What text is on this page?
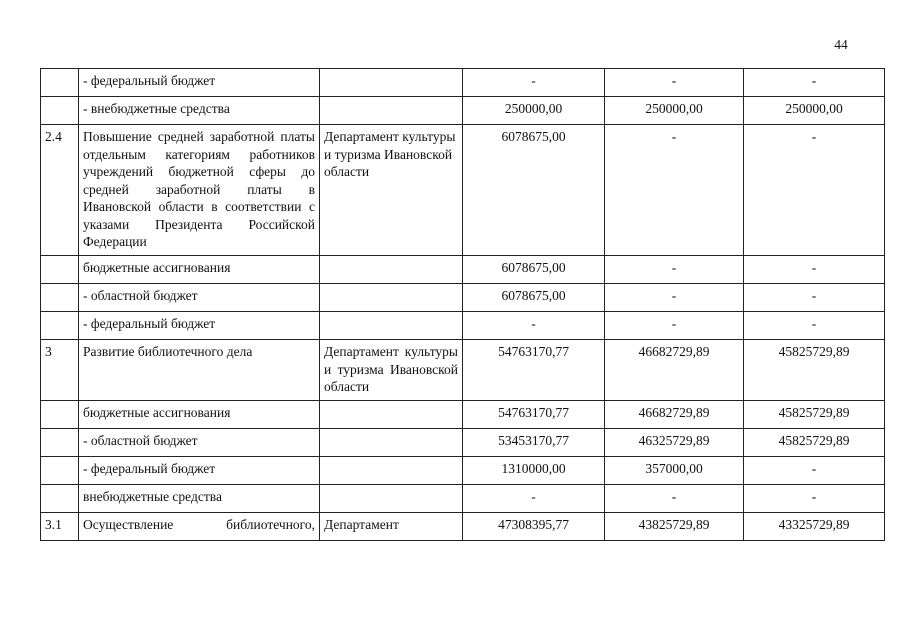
44
	- федеральный бюджет		-	-	-
	- внебюджетные средства		250000,00	250000,00	250000,00
2.4	Повышение средней заработной платы отдельным категориям работников учреждений бюджетной сферы до средней заработной платы в Ивановской области в соответствии с указами Президента Российской Федерации	Департамент культуры и туризма Ивановской области	6078675,00	-	-
	бюджетные ассигнования		6078675,00	-	-
	- областной бюджет		6078675,00	-	-
	- федеральный бюджет		-	-	-
3	Развитие библиотечного дела	Департамент культуры и туризма Ивановской области	54763170,77	46682729,89	45825729,89
	бюджетные ассигнования		54763170,77	46682729,89	45825729,89
	- областной бюджет		53453170,77	46325729,89	45825729,89
	- федеральный бюджет		1310000,00	357000,00	-
	внебюджетные средства		-	-	-
3.1	Осуществление библиотечного,	Департамент	47308395,77	43825729,89	43325729,89
